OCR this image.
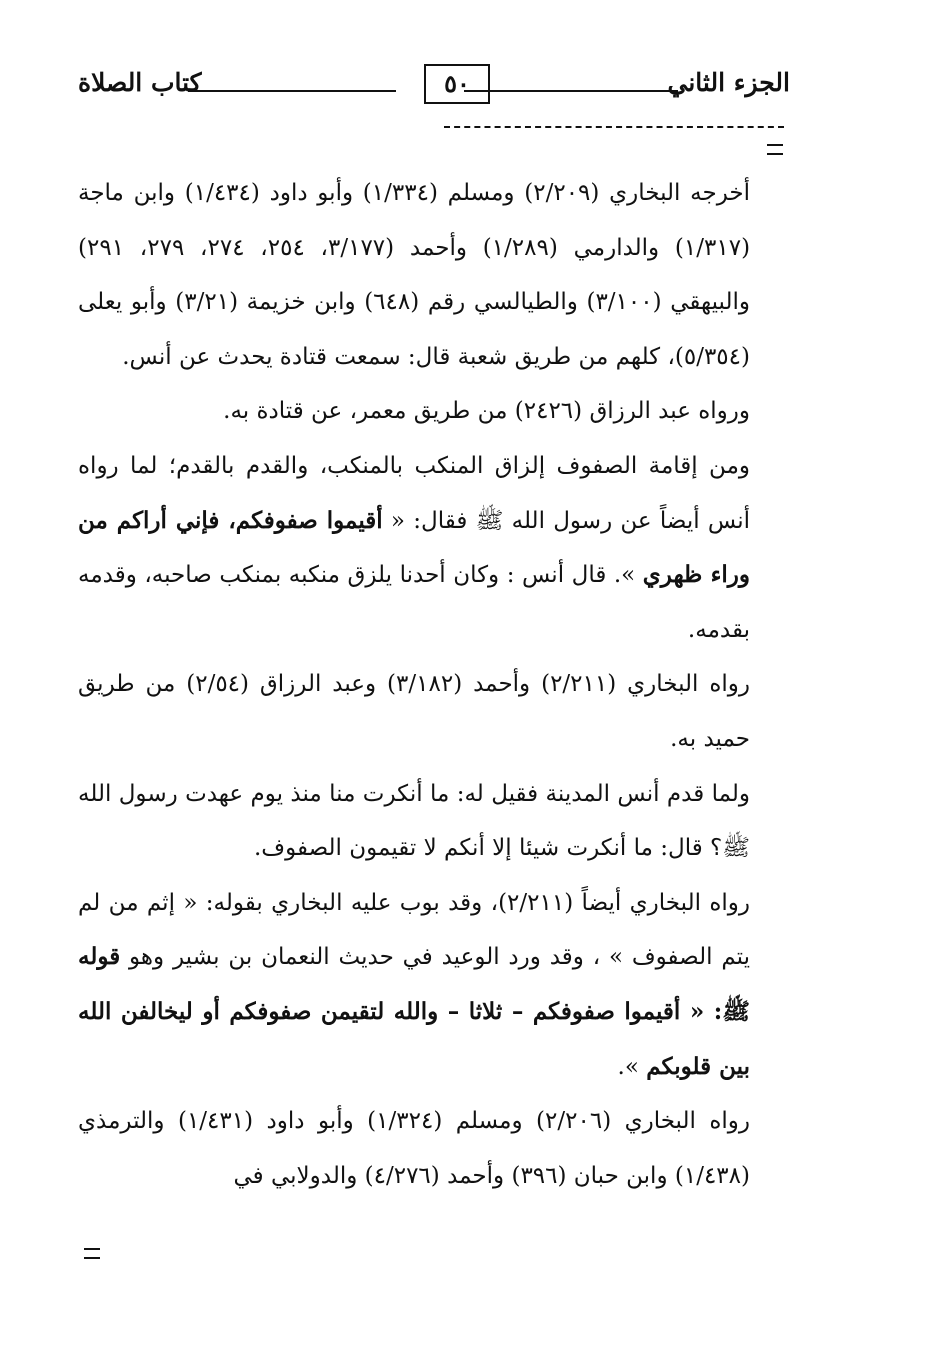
الجزء الثاني
٥٠
كتاب الصلاة

أخرجه البخاري (٢/٢٠٩) ومسلم (١/٣٣٤) وأبو داود (١/٤٣٤) وابن ماجة (١/٣١٧) والدارمي (١/٢٨٩) وأحمد (٣/١٧٧، ٢٥٤، ٢٧٤، ٢٧٩، ٢٩١) والبيهقي (٣/١٠٠) والطيالسي رقم (٦٤٨) وابن خزيمة (٣/٢١) وأبو يعلى (٥/٣٥٤)، كلهم من طريق شعبة قال: سمعت قتادة يحدث عن أنس.

ورواه عبد الرزاق (٢٤٢٦) من طريق معمر، عن قتادة به.

ومن إقامة الصفوف إلزاق المنكب بالمنكب، والقدم بالقدم؛ لما رواه أنس أيضاً عن رسول الله ﷺ فقال: « أقيموا صفوفكم، فإني أراكم من وراء ظهري ». قال أنس : وكان أحدنا يلزق منكبه بمنكب صاحبه، وقدمه بقدمه.

رواه البخاري (٢/٢١١) وأحمد (٣/١٨٢) وعبد الرزاق (٢/٥٤) من طريق حميد به.

ولما قدم أنس المدينة فقيل له: ما أنكرت منا منذ يوم عهدت رسول الله ﷺ؟ قال: ما أنكرت شيئا إلا أنكم لا تقيمون الصفوف.

رواه البخاري أيضاً (٢/٢١١)، وقد بوب عليه البخاري بقوله: « إثم من لم يتم الصفوف » ، وقد ورد الوعيد في حديث النعمان بن بشير وهو قوله ﷺ: « أقيموا صفوفكم – ثلاثا – والله لتقيمن صفوفكم أو ليخالفن الله بين قلوبكم ».

رواه البخاري (٢/٢٠٦) ومسلم (١/٣٢٤) وأبو داود (١/٤٣١) والترمذي (١/٤٣٨) وابن حبان (٣٩٦) وأحمد (٤/٢٧٦) والدولابي في
